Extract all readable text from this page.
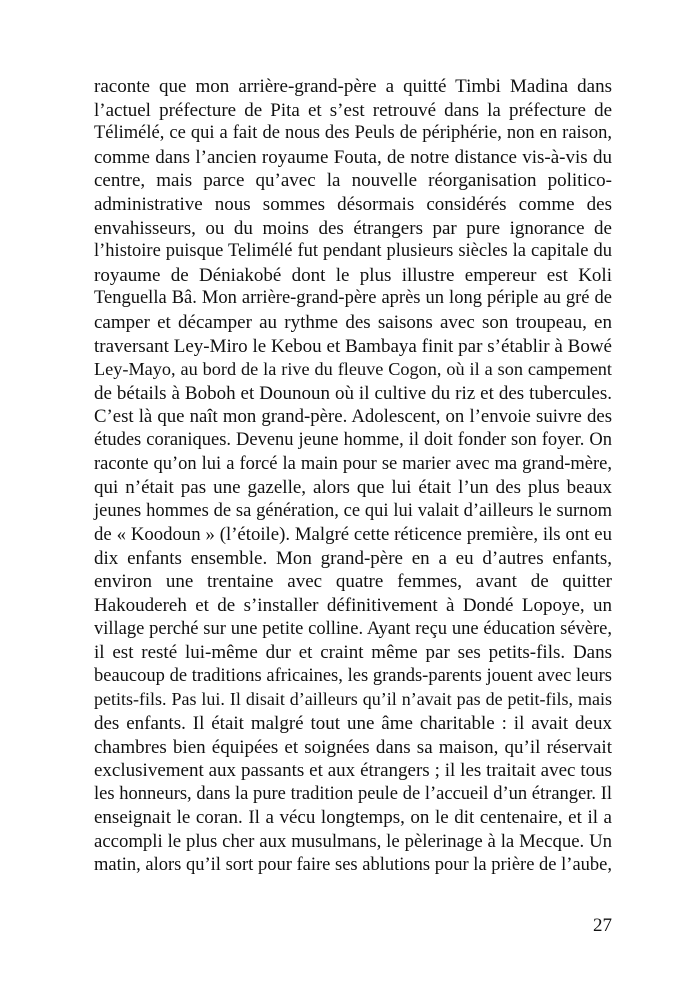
raconte que mon arrière-grand-père a quitté Timbi Madina dans
l’actuel préfecture de Pita et s’est retrouvé dans la préfecture de
Télimélé, ce qui a fait de nous des Peuls de périphérie, non en raison,
comme dans l’ancien royaume Fouta, de notre distance vis-à-vis du
centre, mais parce qu’avec la nouvelle réorganisation politico-
administrative nous sommes désormais considérés comme des
envahisseurs, ou du moins des étrangers par pure ignorance de
l’histoire puisque Telimélé fut pendant plusieurs siècles la capitale du
royaume de Déniakobé dont le plus illustre empereur est Koli
Tenguella Bâ. Mon arrière-grand-père après un long périple au gré de
camper et décamper au rythme des saisons avec son troupeau, en
traversant Ley-Miro le Kebou et Bambaya finit par s’établir à Bowé
Ley-Mayo, au bord de la rive du fleuve Cogon, où il a son campement
de bétails à Boboh et Dounoun où il cultive du riz et des tubercules.
C’est là que naît mon grand-père. Adolescent, on l’envoie suivre des
études coraniques. Devenu jeune homme, il doit fonder son foyer. On
raconte qu’on lui a forcé la main pour se marier avec ma grand-mère,
qui n’était pas une gazelle, alors que lui était l’un des plus beaux
jeunes hommes de sa génération, ce qui lui valait d’ailleurs le surnom
de « Koodoun » (l’étoile). Malgré cette réticence première, ils ont eu
dix enfants ensemble. Mon grand-père en a eu d’autres enfants,
environ une trentaine avec quatre femmes, avant de quitter
Hakoudereh et de s’installer définitivement à Dondé Lopoye, un
village perché sur une petite colline. Ayant reçu une éducation sévère,
il est resté lui-même dur et craint même par ses petits-fils. Dans
beaucoup de traditions africaines, les grands-parents jouent avec leurs
petits-fils. Pas lui. Il disait d’ailleurs qu’il n’avait pas de petit-fils, mais
des enfants. Il était malgré tout une âme charitable : il avait deux
chambres bien équipées et soignées dans sa maison, qu’il réservait
exclusivement aux passants et aux étrangers ; il les traitait avec tous
les honneurs, dans la pure tradition peule de l’accueil d’un étranger. Il
enseignait le coran. Il a vécu longtemps, on le dit centenaire, et il a
accompli le plus cher aux musulmans, le pèlerinage à la Mecque. Un
matin, alors qu’il sort pour faire ses ablutions pour la prière de l’aube,
27
